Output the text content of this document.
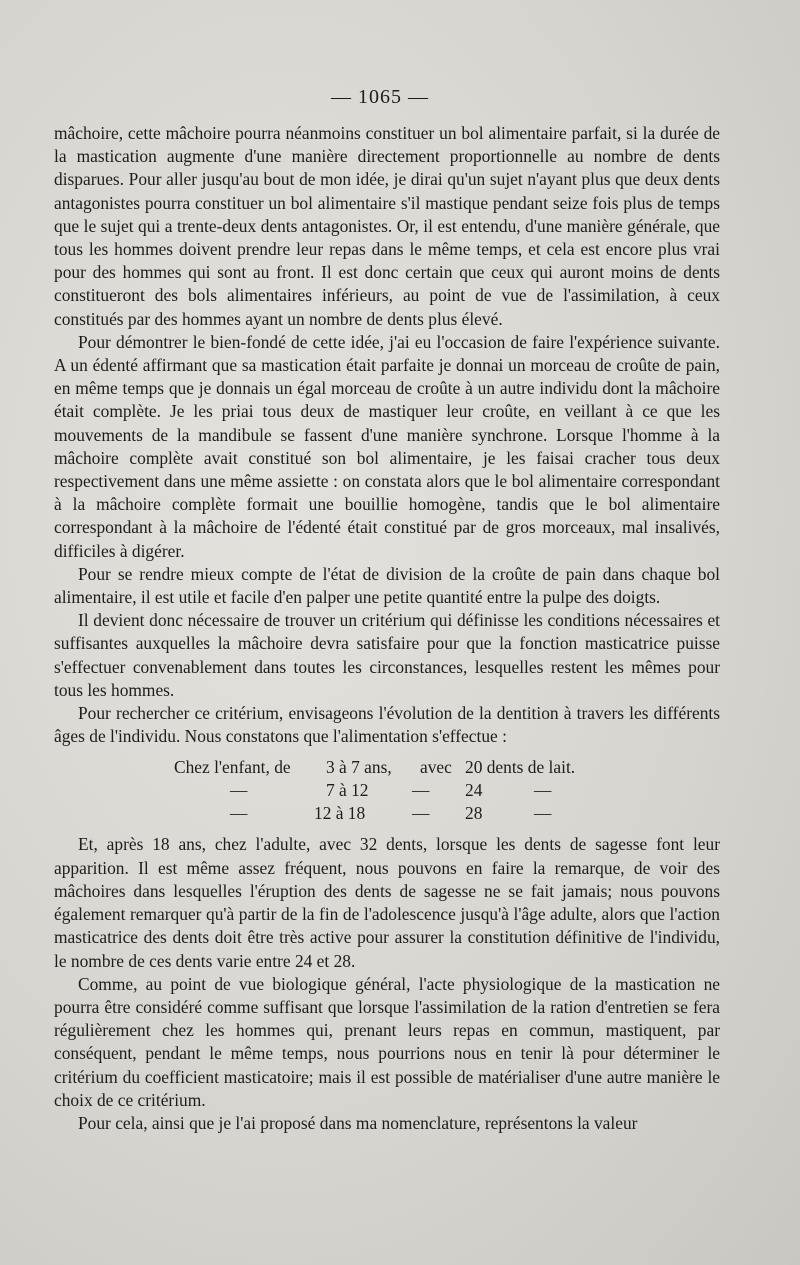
— 1065 —

mâchoire, cette mâchoire pourra néanmoins constituer un bol alimentaire parfait, si la durée de la mastication augmente d'une manière directement proportionnelle au nombre de dents disparues. Pour aller jusqu'au bout de mon idée, je dirai qu'un sujet n'ayant plus que deux dents antagonistes pourra constituer un bol alimentaire s'il mastique pendant seize fois plus de temps que le sujet qui a trente-deux dents antagonistes. Or, il est entendu, d'une manière générale, que tous les hommes doivent prendre leur repas dans le même temps, et cela est encore plus vrai pour des hommes qui sont au front. Il est donc certain que ceux qui auront moins de dents constitueront des bols alimentaires inférieurs, au point de vue de l'assimilation, à ceux constitués par des hommes ayant un nombre de dents plus élevé.

Pour démontrer le bien-fondé de cette idée, j'ai eu l'occasion de faire l'expérience suivante. A un édenté affirmant que sa mastication était parfaite je donnai un morceau de croûte de pain, en même temps que je donnais un égal morceau de croûte à un autre individu dont la mâchoire était complète. Je les priai tous deux de mastiquer leur croûte, en veillant à ce que les mouvements de la mandibule se fassent d'une manière synchrone. Lorsque l'homme à la mâchoire complète avait constitué son bol alimentaire, je les faisai cracher tous deux respectivement dans une même assiette : on constata alors que le bol alimentaire correspondant à la mâchoire complète formait une bouillie homogène, tandis que le bol alimentaire correspondant à la mâchoire de l'édenté était constitué par de gros morceaux, mal insalivés, difficiles à digérer.

Pour se rendre mieux compte de l'état de division de la croûte de pain dans chaque bol alimentaire, il est utile et facile d'en palper une petite quantité entre la pulpe des doigts.

Il devient donc nécessaire de trouver un critérium qui définisse les conditions nécessaires et suffisantes auxquelles la mâchoire devra satisfaire pour que la fonction masticatrice puisse s'effectuer convenablement dans toutes les circonstances, lesquelles restent les mêmes pour tous les hommes.

Pour rechercher ce critérium, envisageons l'évolution de la dentition à travers les différents âges de l'individu. Nous constatons que l'alimentation s'effectue :

Chez l'enfant, de 3 à 7 ans, avec 20 dents de lait.
—	7 à 12 — 24	—
—	12 à 18	— 28	—

Et, après 18 ans, chez l'adulte, avec 32 dents, lorsque les dents de sagesse font leur apparition. Il est même assez fréquent, nous pouvons en faire la remarque, de voir des mâchoires dans lesquelles l'éruption des dents de sagesse ne se fait jamais; nous pouvons également remarquer qu'à partir de la fin de l'adolescence jusqu'à l'âge adulte, alors que l'action masticatrice des dents doit être très active pour assurer la constitution définitive de l'individu, le nombre de ces dents varie entre 24 et 28.

Comme, au point de vue biologique général, l'acte physiologique de la mastication ne pourra être considéré comme suffisant que lorsque l'assimilation de la ration d'entretien se fera régulièrement chez les hommes qui, prenant leurs repas en commun, mastiquent, par conséquent, pendant le même temps, nous pourrions nous en tenir là pour déterminer le critérium du coefficient masticatoire; mais il est possible de matérialiser d'une autre manière le choix de ce critérium.

Pour cela, ainsi que je l'ai proposé dans ma nomenclature, représentons la valeur
